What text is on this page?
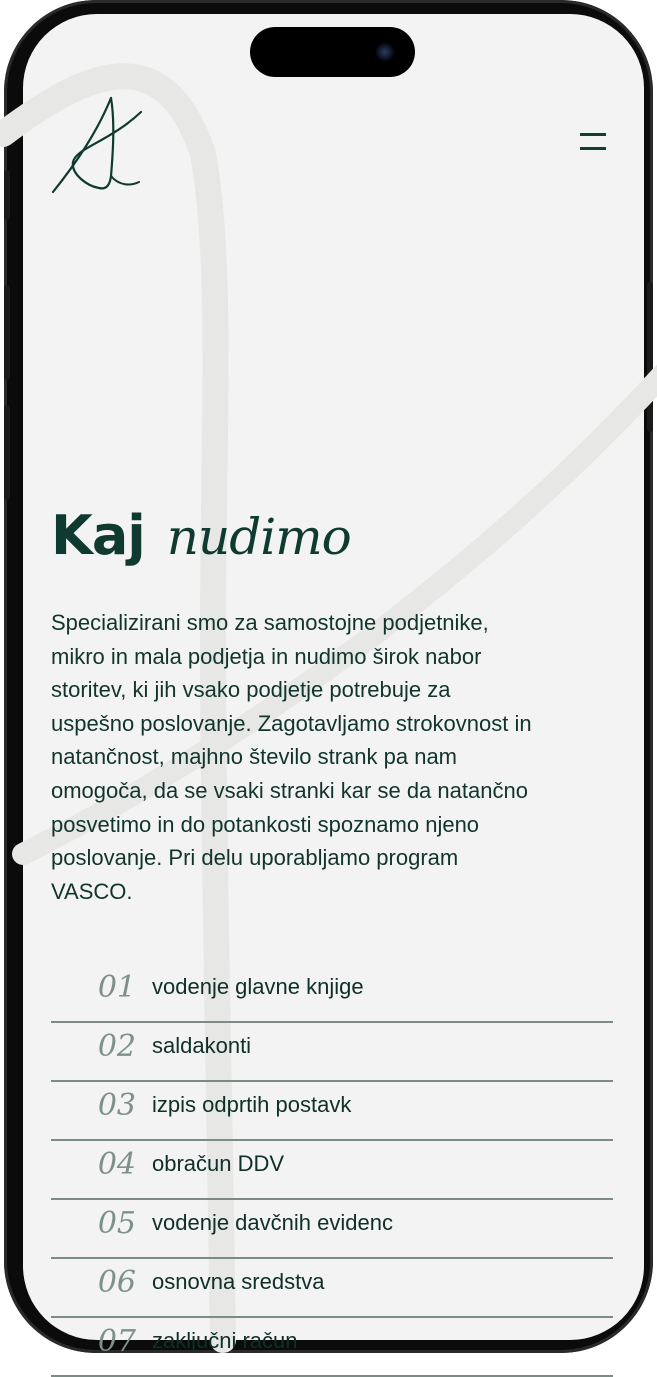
Kaj nudimo

Specializirani smo za samostojne podjetnike,
mikro in mala podjetja in nudimo širok nabor
storitev, ki jih vsako podjetje potrebuje za
uspešno poslovanje. Zagotavljamo strokovnost in
natančnost, majhno število strank pa nam
omogoča, da se vsaki stranki kar se da natančno
posvetimo in do potankosti spoznamo njeno
poslovanje. Pri delu uporabljamo program
VASCO.

01 vodenje glavne knjige
02 saldakonti
03 izpis odprtih postavk
04 obračun DDV
05 vodenje davčnih evidenc
06 osnovna sredstva
07 zaključni račun
